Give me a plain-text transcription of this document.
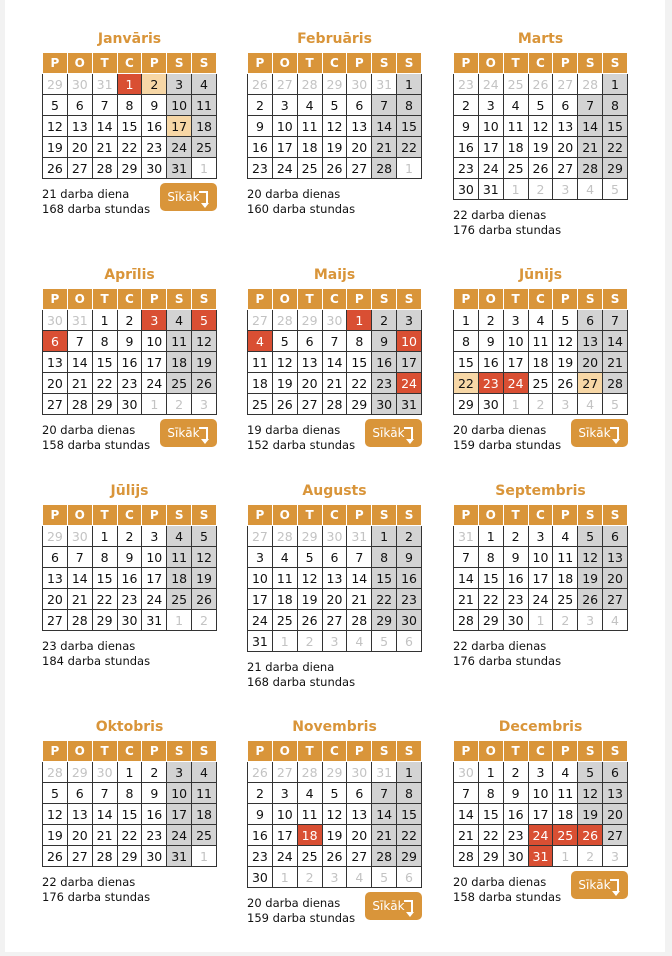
Janvāris
P	O	T	C	P	S	S
29	30	31	1	2	3	4
5	6	7	8	9	10	11
12	13	14	15	16	17	18
19	20	21	22	23	24	25
26	27	28	29	30	31	1
21 darba diena
168 darba stundas
Sīkāk
Februāris
P	O	T	C	P	S	S
26	27	28	29	30	31	1
2	3	4	5	6	7	8
9	10	11	12	13	14	15
16	17	18	19	20	21	22
23	24	25	26	27	28	1
20 darba dienas
160 darba stundas
Marts
P	O	T	C	P	S	S
23	24	25	26	27	28	1
2	3	4	5	6	7	8
9	10	11	12	13	14	15
16	17	18	19	20	21	22
23	24	25	26	27	28	29
30	31	1	2	3	4	5
22 darba dienas
176 darba stundas
Aprīlis
P	O	T	C	P	S	S
30	31	1	2	3	4	5
6	7	8	9	10	11	12
13	14	15	16	17	18	19
20	21	22	23	24	25	26
27	28	29	30	1	2	3
20 darba dienas
158 darba stundas
Sīkāk
Maijs
P	O	T	C	P	S	S
27	28	29	30	1	2	3
4	5	6	7	8	9	10
11	12	13	14	15	16	17
18	19	20	21	22	23	24
25	26	27	28	29	30	31
19 darba dienas
152 darba stundas
Sīkāk
Jūnijs
P	O	T	C	P	S	S
1	2	3	4	5	6	7
8	9	10	11	12	13	14
15	16	17	18	19	20	21
22	23	24	25	26	27	28
29	30	1	2	3	4	5
20 darba dienas
159 darba stundas
Sīkāk
Jūlijs
P	O	T	C	P	S	S
29	30	1	2	3	4	5
6	7	8	9	10	11	12
13	14	15	16	17	18	19
20	21	22	23	24	25	26
27	28	29	30	31	1	2
23 darba dienas
184 darba stundas
Augusts
P	O	T	C	P	S	S
27	28	29	30	31	1	2
3	4	5	6	7	8	9
10	11	12	13	14	15	16
17	18	19	20	21	22	23
24	25	26	27	28	29	30
31	1	2	3	4	5	6
21 darba diena
168 darba stundas
Septembris
P	O	T	C	P	S	S
31	1	2	3	4	5	6
7	8	9	10	11	12	13
14	15	16	17	18	19	20
21	22	23	24	25	26	27
28	29	30	1	2	3	4
22 darba dienas
176 darba stundas
Oktobris
P	O	T	C	P	S	S
28	29	30	1	2	3	4
5	6	7	8	9	10	11
12	13	14	15	16	17	18
19	20	21	22	23	24	25
26	27	28	29	30	31	1
22 darba dienas
176 darba stundas
Novembris
P	O	T	C	P	S	S
26	27	28	29	30	31	1
2	3	4	5	6	7	8
9	10	11	12	13	14	15
16	17	18	19	20	21	22
23	24	25	26	27	28	29
30	1	2	3	4	5	6
20 darba dienas
159 darba stundas
Sīkāk
Decembris
P	O	T	C	P	S	S
30	1	2	3	4	5	6
7	8	9	10	11	12	13
14	15	16	17	18	19	20
21	22	23	24	25	26	27
28	29	30	31	1	2	3
20 darba dienas
158 darba stundas
Sīkāk
